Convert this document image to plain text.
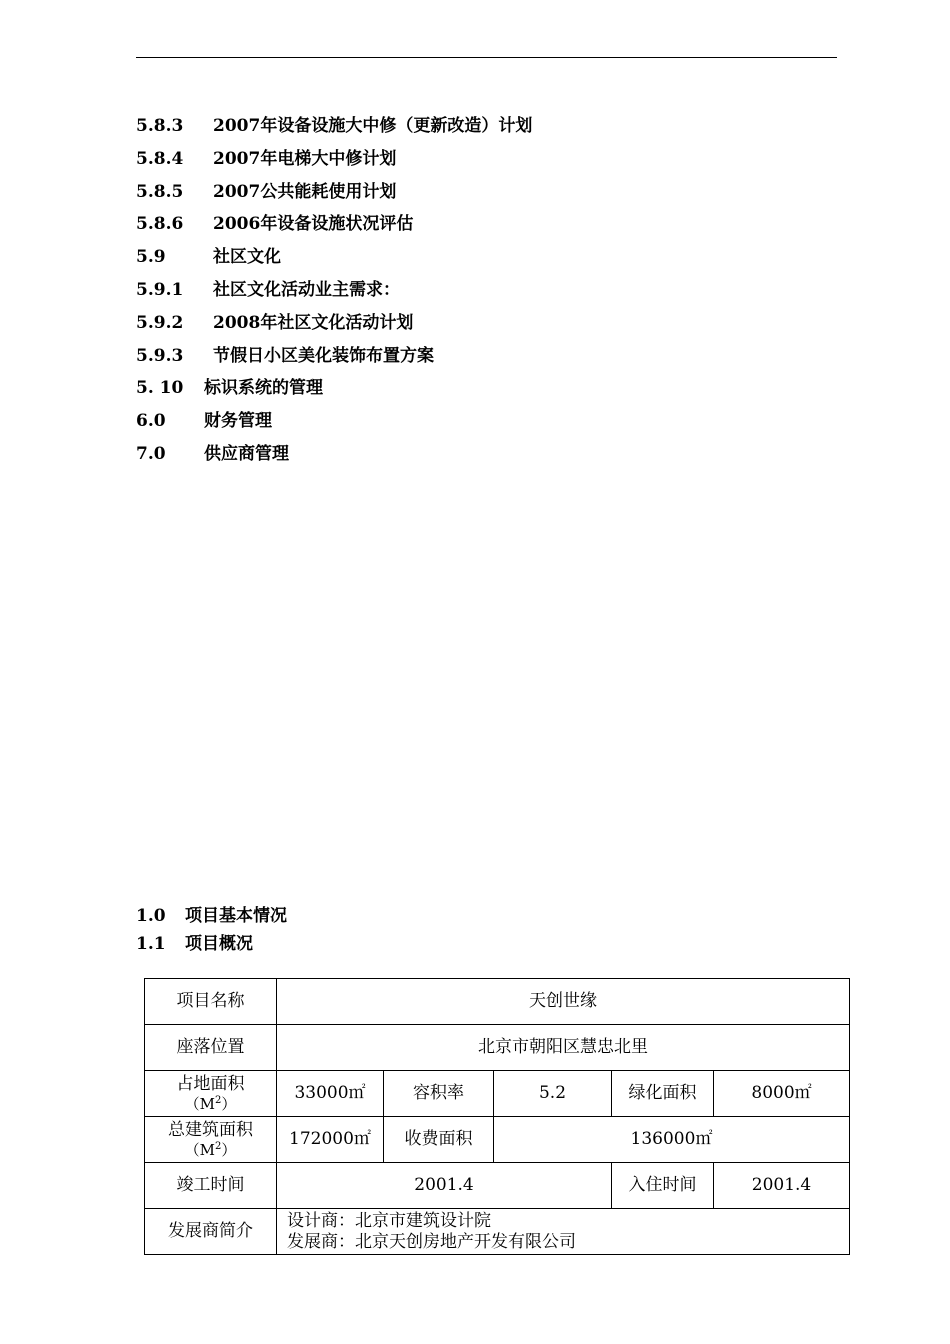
5.8.3 2007年设备设施大中修（更新改造）计划
5.8.4 2007年电梯大中修计划
5.8.5 2007公共能耗使用计划
5.8.6 2006年设备设施状况评估
5.9	社区文化
5.9.1 社区文化活动业主需求：
5.9.2 2008年社区文化活动计划
5.9.3 节假日小区美化装饰布置方案
5. 10 标识系统的管理
6.0 财务管理
7.0 供应商管理
1.0 项目基本情况
1.1 项目概况
项目名称	天创世缘				
座落位置	北京市朝阳区慧忠北里				

占地面积
$(M^2)$	33000㎡	容积率	5.2	绿化面积	8000㎡

总建筑面积
$(M^2)$	172000㎡	收费面积	136000㎡		
竣工时间	2001.4			入住时间	2001.4
发展商简介	设计商：北京市建筑设计院
发展商：北京天创房地产开发有限公司				
